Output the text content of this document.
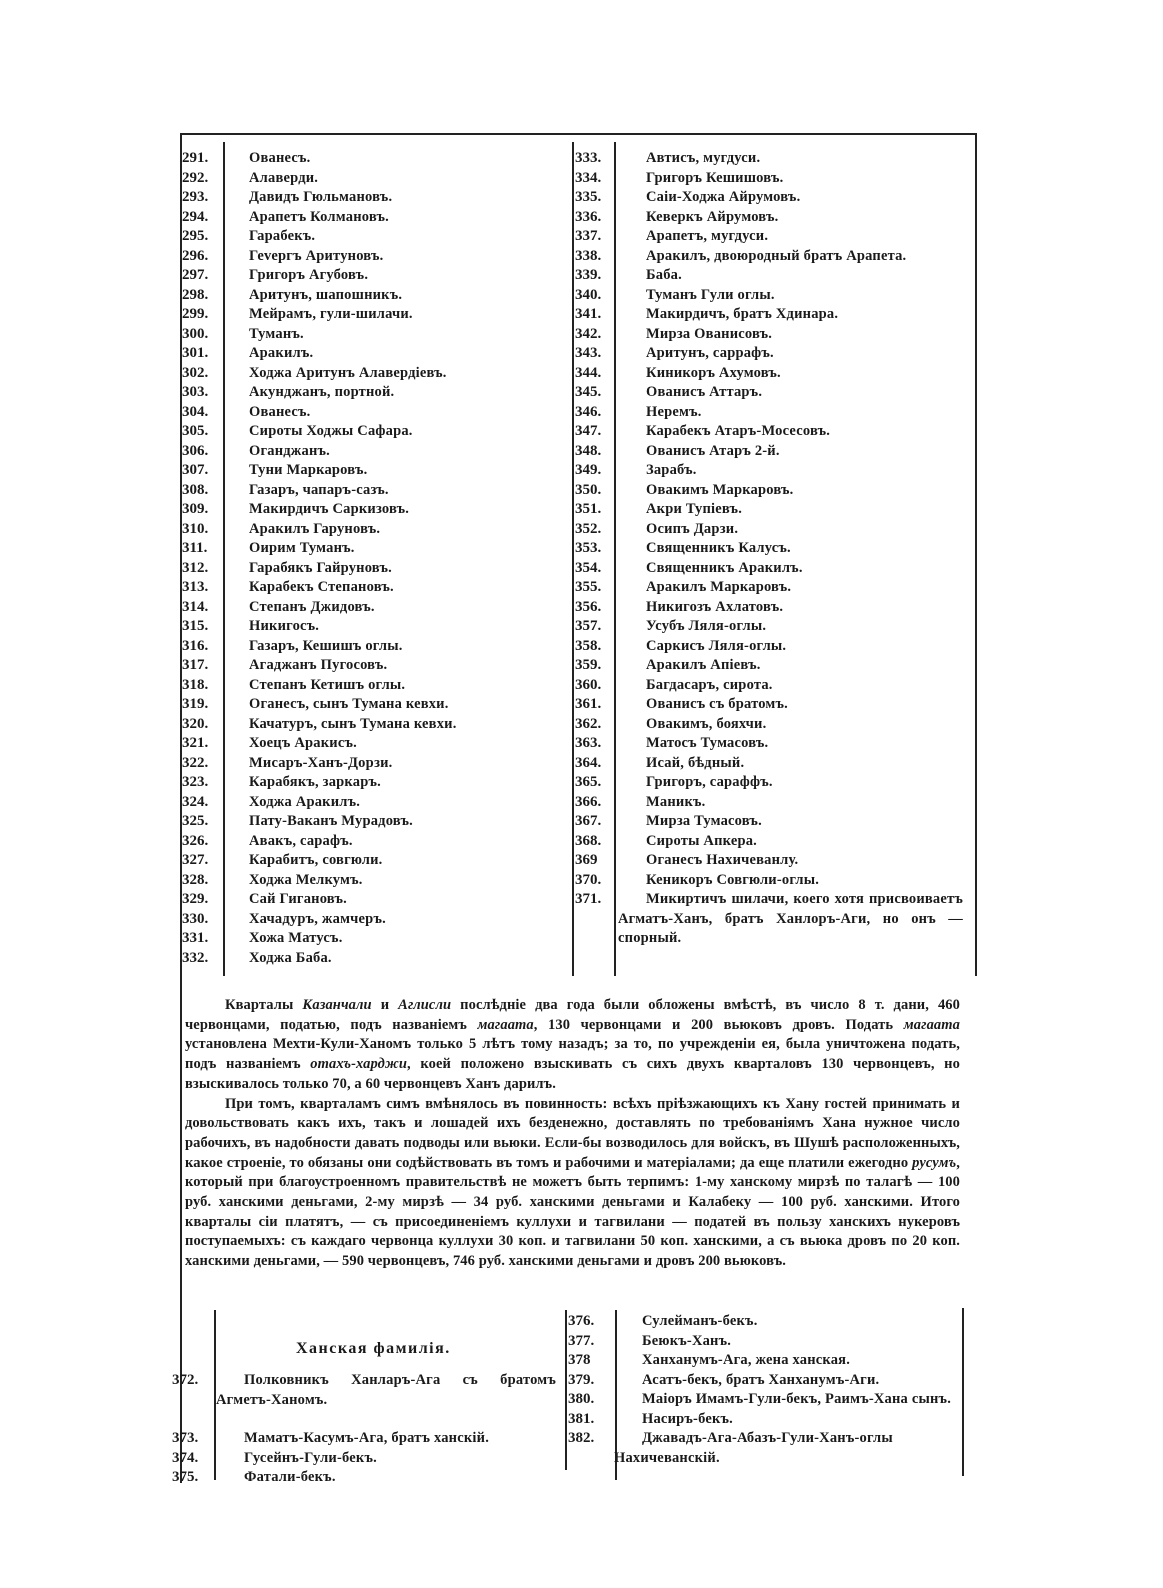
291.	Ованесъ.
292.	Алаверди.
293.	Давидъ Гюльмановъ.
294.	Арапетъ Колмановъ.
295.	Гарабекъ.
296.	Геvергъ Аритуновъ.
297.	Григоръ Агубовъ.
298.	Аритунъ, шапошникъ.
299.	Мейрамъ, гули-шилачи.
300.	Туманъ.
301.	Аракилъ.
302.	Ходжа Аритунъ Алавердіевъ.
303.	Акунджанъ, портной.
304.	Ованесъ.
305.	Сироты Ходжы Сафара.
306.	Оганджанъ.
307.	Туни Маркаровъ.
308.	Газаръ, чапаръ-сазъ.
309.	Макирдичъ Саркизовъ.
310.	Аракилъ Гаруновъ.
311.	Оирим Туманъ.
312.	Гарабякъ Гайруновъ.
313.	Карабекъ Степановъ.
314.	Степанъ Джидовъ.
315.	Никигосъ.
316.	Газаръ, Кешишъ оглы.
317.	Агаджанъ Пугосовъ.
318.	Степанъ Кетишъ оглы.
319.	Оганесъ, сынъ Тумана кевхи.
320.	Качатуръ, сынъ Тумана кевхи.
321.	Хоецъ Аракисъ.
322.	Мисаръ-Ханъ-Дорзи.
323.	Карабякъ, заркаръ.
324.	Ходжа Аракилъ.
325.	Пату-Ваканъ Мурадовъ.
326.	Авакъ, сарафъ.
327.	Карабитъ, совгюли.
328.	Ходжа Мелкумъ.
329.	Сай Гигановъ.
330.	Хачадуръ, жамчеръ.
331.	Хожа Матусъ.
332.	Ходжа Баба.
333.	Автисъ, мугдуси.
334.	Григоръ Кешишовъ.
335.	Саіи-Ходжа Айрумовъ.
336.	Кеверкъ Айрумовъ.
337.	Арапетъ, мугдуси.
338.	Аракилъ, двоюродный братъ Арапета.
339.	Баба.
340.	Туманъ Гули оглы.
341.	Макирдичъ, братъ Хдинара.
342.	Мирза Ованисовъ.
343.	Аритунъ, саррафъ.
344.	Киникоръ Ахумовъ.
345.	Ованисъ Аттаръ.
346.	Неремъ.
347.	Карабекъ Атаръ-Мосесовъ.
348.	Ованисъ Атаръ 2-й.
349.	Зарабъ.
350.	Овакимъ Маркаровъ.
351.	Акри Тупіевъ.
352.	Осипъ Дарзи.
353.	Священникъ Калусъ.
354.	Священникъ Аракилъ.
355.	Аракилъ Маркаровъ.
356.	Никигозъ Ахлатовъ.
357.	Усубъ Ляля-оглы.
358.	Саркисъ Ляля-оглы.
359.	Аракилъ Апіевъ.
360.	Багдасаръ, сирота.
361.	Ованисъ съ братомъ.
362.	Овакимъ, бояхчи.
363.	Матосъ Тумасовъ.
364.	Исай, бѣдный.
365.	Григоръ, сараффъ.
366.	Маникъ.
367.	Мирза Тумасовъ.
368.	Сироты Апкера.
369	Оганесъ Нахичеванлу.
370.	Кеникоръ Совгюли-оглы.
371.	Микиртичъ шилачи, коего хотя присвоиваетъ Агматъ-Ханъ, братъ Ханлоръ-Аги, но онъ — спорный.

Кварталы Казанчали и Аглисли послѣдніе два года были обложены вмѣстѣ, въ число 8 т. дани, 460 червонцами, податью, подъ названіемъ магаата, 130 червонцами и 200 вьюковъ дровъ. Подать магаата установлена Мехти-Кули-Ханомъ только 5 лѣтъ тому назадъ; за то, по учрежденіи ея, была уничтожена подать, подъ названіемъ отахъ-харджи, коей положено взыскивать съ сихъ двухъ кварталовъ 130 червонцевъ, но взыскивалось только 70, а 60 червонцевъ Ханъ дарилъ.

При томъ, кварталамъ симъ вмѣнялось въ повинность: всѣхъ пріѣзжающихъ къ Хану гостей принимать и довольствовать какъ ихъ, такъ и лошадей ихъ безденежно, доставлять по требованіямъ Хана нужное число рабочихъ, въ надобности давать подводы или вьюки. Если-бы возводилось для войскъ, въ Шушѣ расположенныхъ, какое строеніе, то обязаны они содѣйствовать въ томъ и рабочими и матеріалами; да еще платили ежегодно русумъ, который при благоустроенномъ правительствѣ не можетъ быть терпимъ: 1-му ханскому мирзѣ по талагѣ — 100 руб. ханскими деньгами, 2-му мирзѣ — 34 руб. ханскими деньгами и Калабеку — 100 руб. ханскими. Итого кварталы сіи платятъ, — съ присоединеніемъ куллухи и тагвилани — податей въ пользу ханскихъ нукеровъ поступаемыхъ: съ каждаго червонца куллухи 30 коп. и тагвилани 50 коп. ханскими, а съ вьюка дровъ по 20 коп. ханскими деньгами, — 590 червонцевъ, 746 руб. ханскими деньгами и дровъ 200 вьюковъ.

Ханская фамилія.
372.	Полковникъ Ханларъ-Ага съ братомъ Агметъ-Ханомъ.
373.	Маматъ-Касумъ-Ага, братъ ханскій.
374.	Гусейнъ-Гули-бекъ.
375.	Фатали-бекъ.
376.	Сулейманъ-бекъ.
377.	Беюкъ-Ханъ.
378	Ханханумъ-Ага, жена ханская.
379.	Асатъ-бекъ, братъ Ханханумъ-Аги.
380.	Маіоръ Имамъ-Гули-бекъ, Раимъ-Хана сынъ.
381.	Насиръ-бекъ.
382.	Джавадъ-Ага-Абазъ-Гули-Ханъ-оглы Нахичеванскій.
